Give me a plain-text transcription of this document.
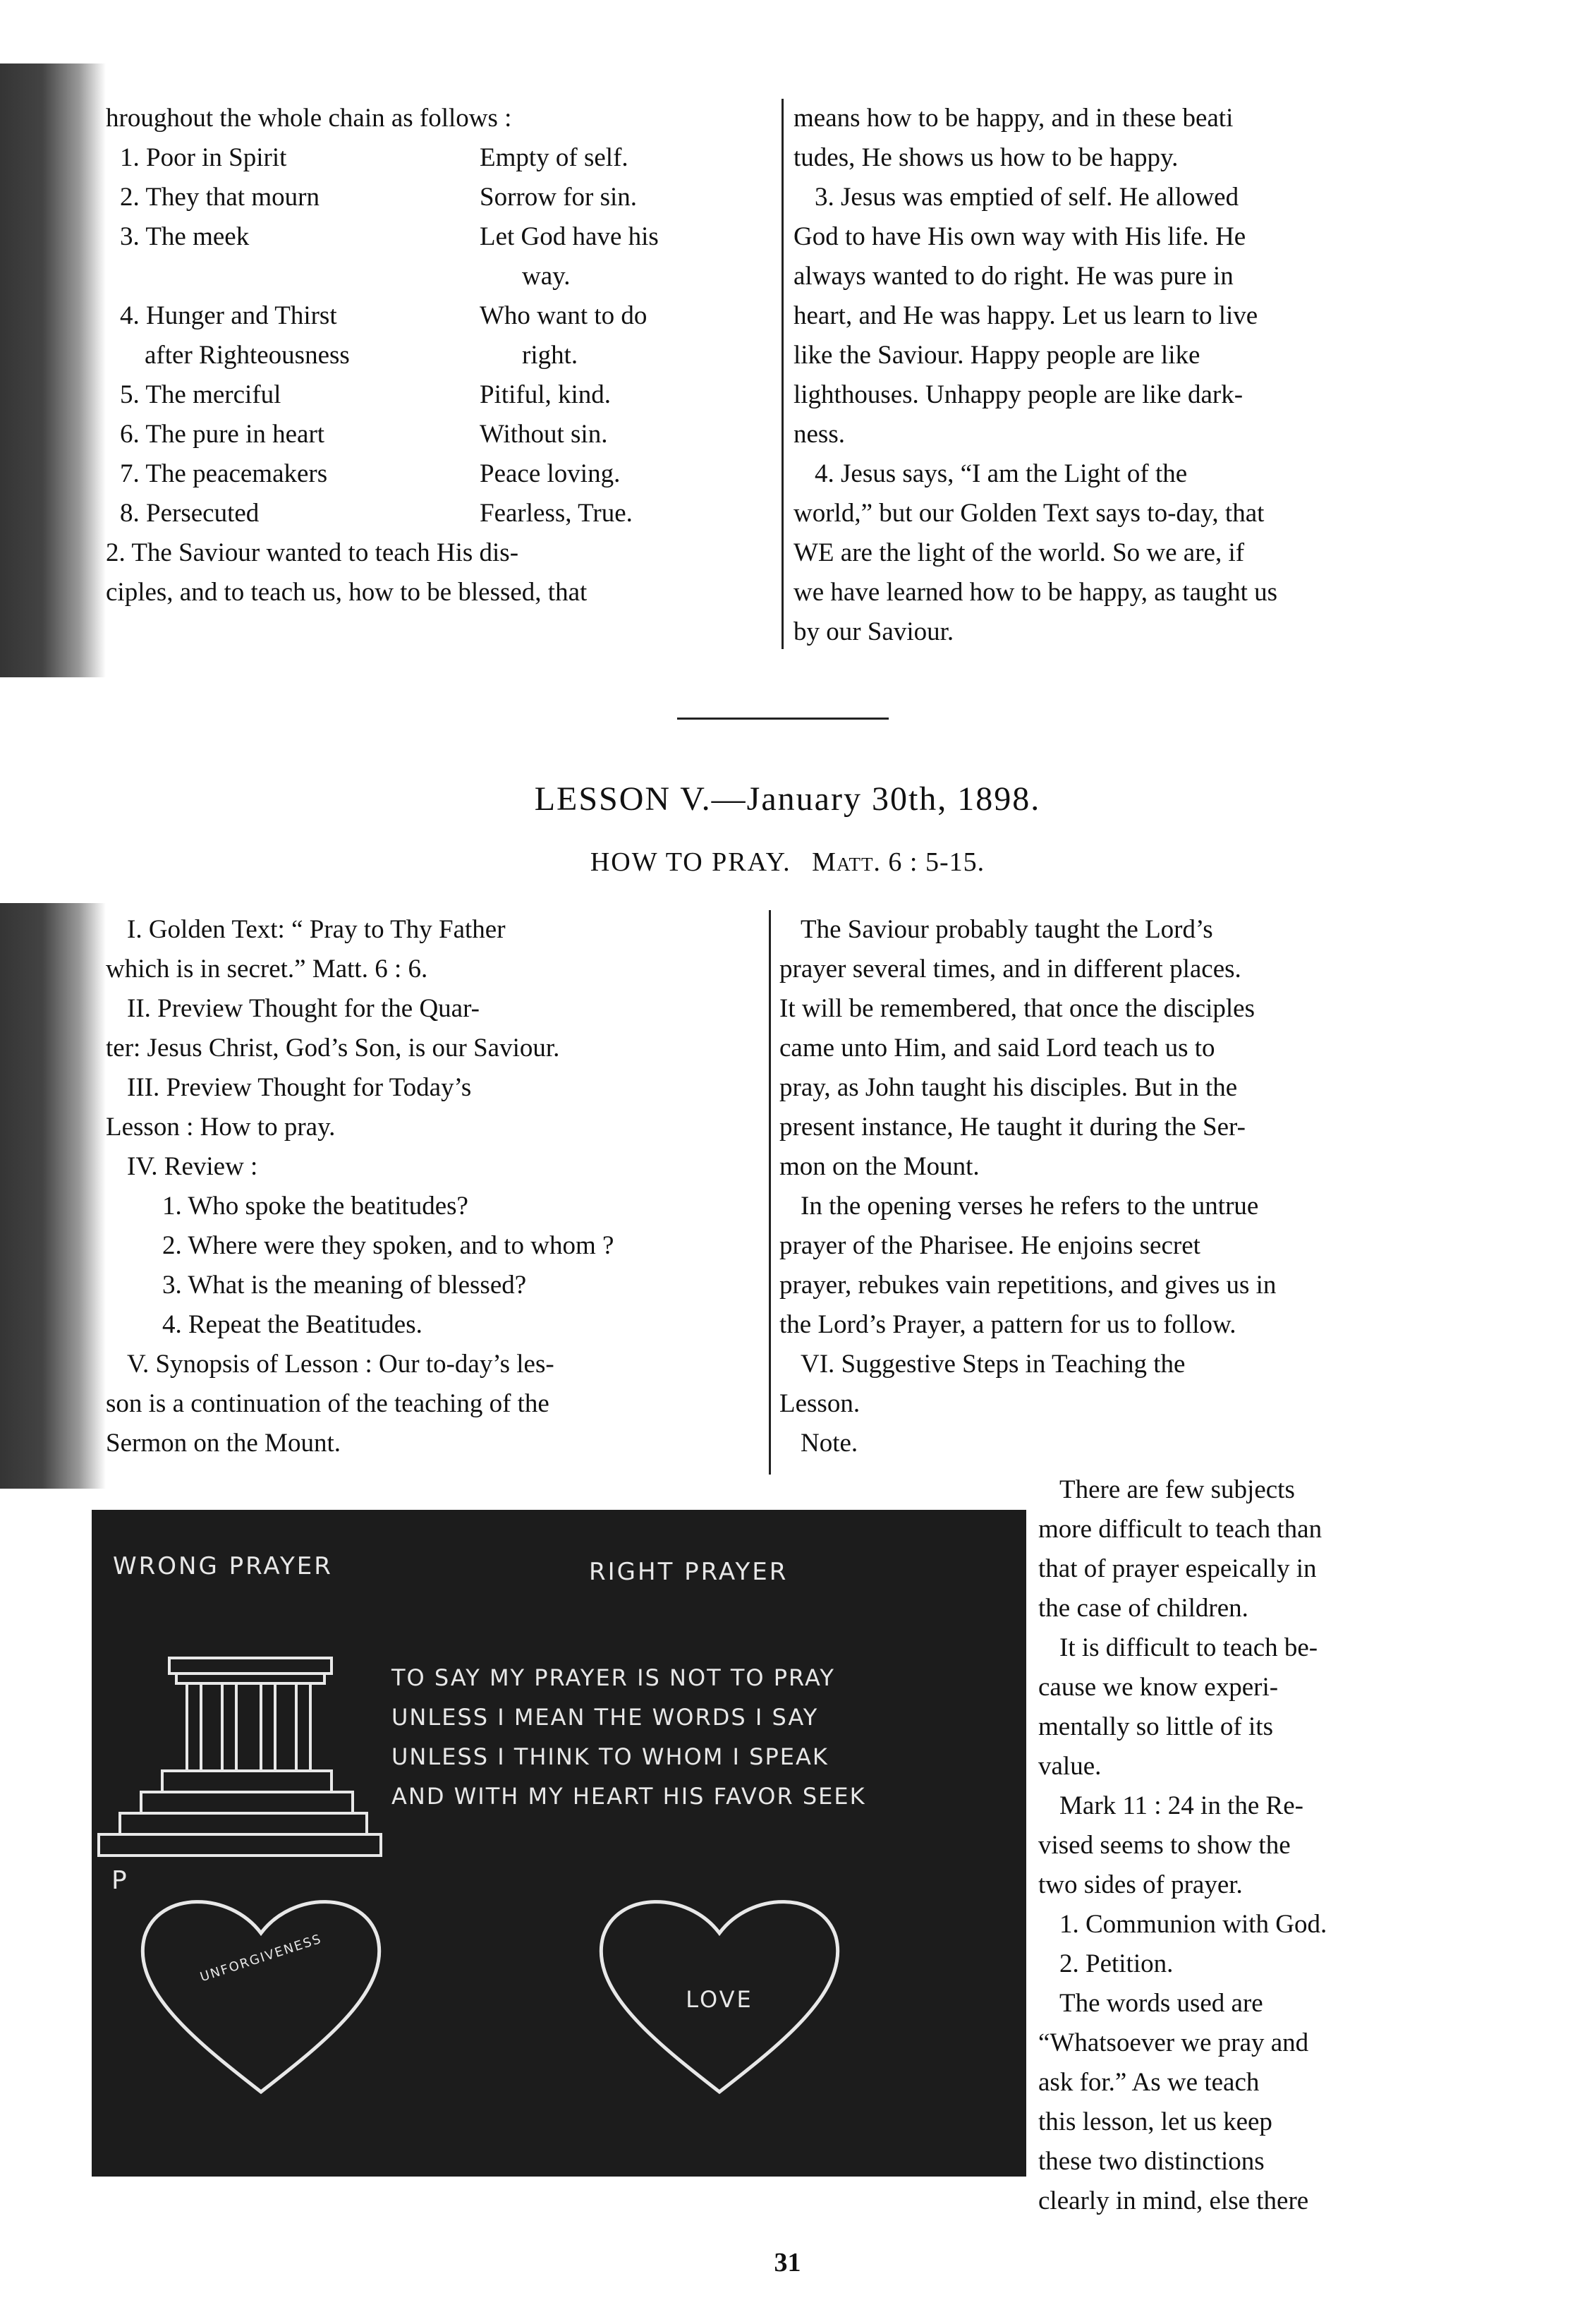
hroughout the whole chain as follows :
1. Poor in Spirit	Empty of self.
2. They that mourn	Sorrow for sin.
3. The meek	Let God have his
way.
4. Hunger and Thirst	Who want to do
after Righteousness	right.
5. The merciful	Pitiful, kind.
6. The pure in heart	Without sin.
7. The peacemakers	Peace loving.
8. Persecuted	Fearless, True.
2. The Saviour wanted to teach His dis-
ciples, and to teach us, how to be blessed, that
means how to be happy, and in these beati
tudes, He shows us how to be happy.
3. Jesus was emptied of self. He allowed
God to have His own way with His life. He
always wanted to do right. He was pure in
heart, and He was happy. Let us learn to live
like the Saviour. Happy people are like
lighthouses. Unhappy people are like dark-
ness.
4. Jesus says, “I am the Light of the
world,” but our Golden Text says to-day, that
WE are the light of the world. So we are, if
we have learned how to be happy, as taught us
by our Saviour.
LESSON V.—January 30th, 1898.
HOW TO PRAY. Matt. 6 : 5-15.
I. Golden Text: “ Pray to Thy Father
which is in secret.” Matt. 6 : 6.
II. Preview Thought for the Quar-
ter: Jesus Christ, God’s Son, is our Saviour.
III. Preview Thought for Today’s
Lesson : How to pray.
IV. Review :
1. Who spoke the beatitudes?
2. Where were they spoken, and to whom ?
3. What is the meaning of blessed?
4. Repeat the Beatitudes.
V. Synopsis of Lesson : Our to-day’s les-
son is a continuation of the teaching of the
Sermon on the Mount.
The Saviour probably taught the Lord’s
prayer several times, and in different places.
It will be remembered, that once the disciples
came unto Him, and said Lord teach us to
pray, as John taught his disciples. But in the
present instance, He taught it during the Ser-
mon on the Mount.
In the opening verses he refers to the untrue
prayer of the Pharisee. He enjoins secret
prayer, rebukes vain repetitions, and gives us in
the Lord’s Prayer, a pattern for us to follow.
VI. Suggestive Steps in Teaching the
Lesson.
Note.
WRONG PRAYER	RIGHT PRAYER
TO SAY MY PRAYER IS NOT TO PRAY
UNLESS I MEAN THE WORDS I SAY
UNLESS I THINK TO WHOM I SPEAK
AND WITH MY HEART HIS FAVOR SEEK
P
UNFORGIVENESS
LOVE
There are few subjects
more difficult to teach than
that of prayer espeically in
the case of children.
It is difficult to teach be-
cause we know experi-
mentally so little of its
value.
Mark 11 : 24 in the Re-
vised seems to show the
two sides of prayer.
1. Communion with God.
2. Petition.
The words used are
“Whatsoever we pray and
ask for.” As we teach
this lesson, let us keep
these two distinctions
clearly in mind, else there
31
